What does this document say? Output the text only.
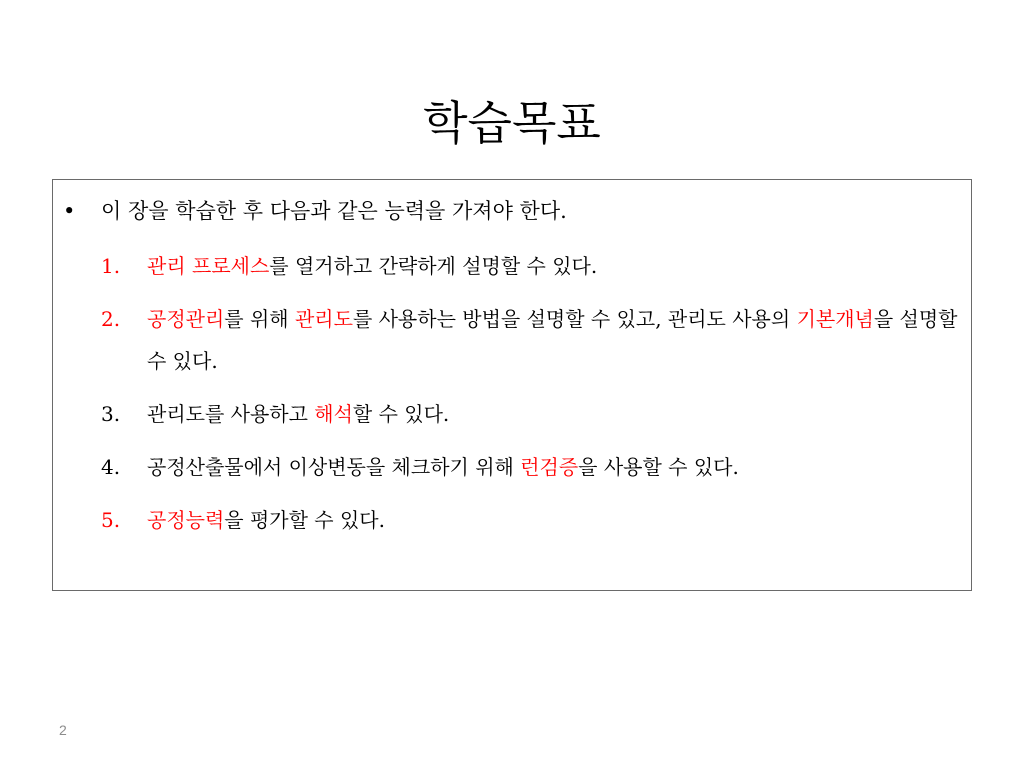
학습목표
• 이 장을 학습한 후 다음과 같은 능력을 가져야 한다.
1.	관리 프로세스를 열거하고 간략하게 설명할 수 있다.
2.	공정관리를 위해 관리도를 사용하는 방법을 설명할 수 있고, 관리도 사용의 기본개념을 설명할 수 있다.
3.	관리도를 사용하고 해석할 수 있다.
4.	공정산출물에서 이상변동을 체크하기 위해 런검증을 사용할 수 있다.
5.	공정능력을 평가할 수 있다.
2
